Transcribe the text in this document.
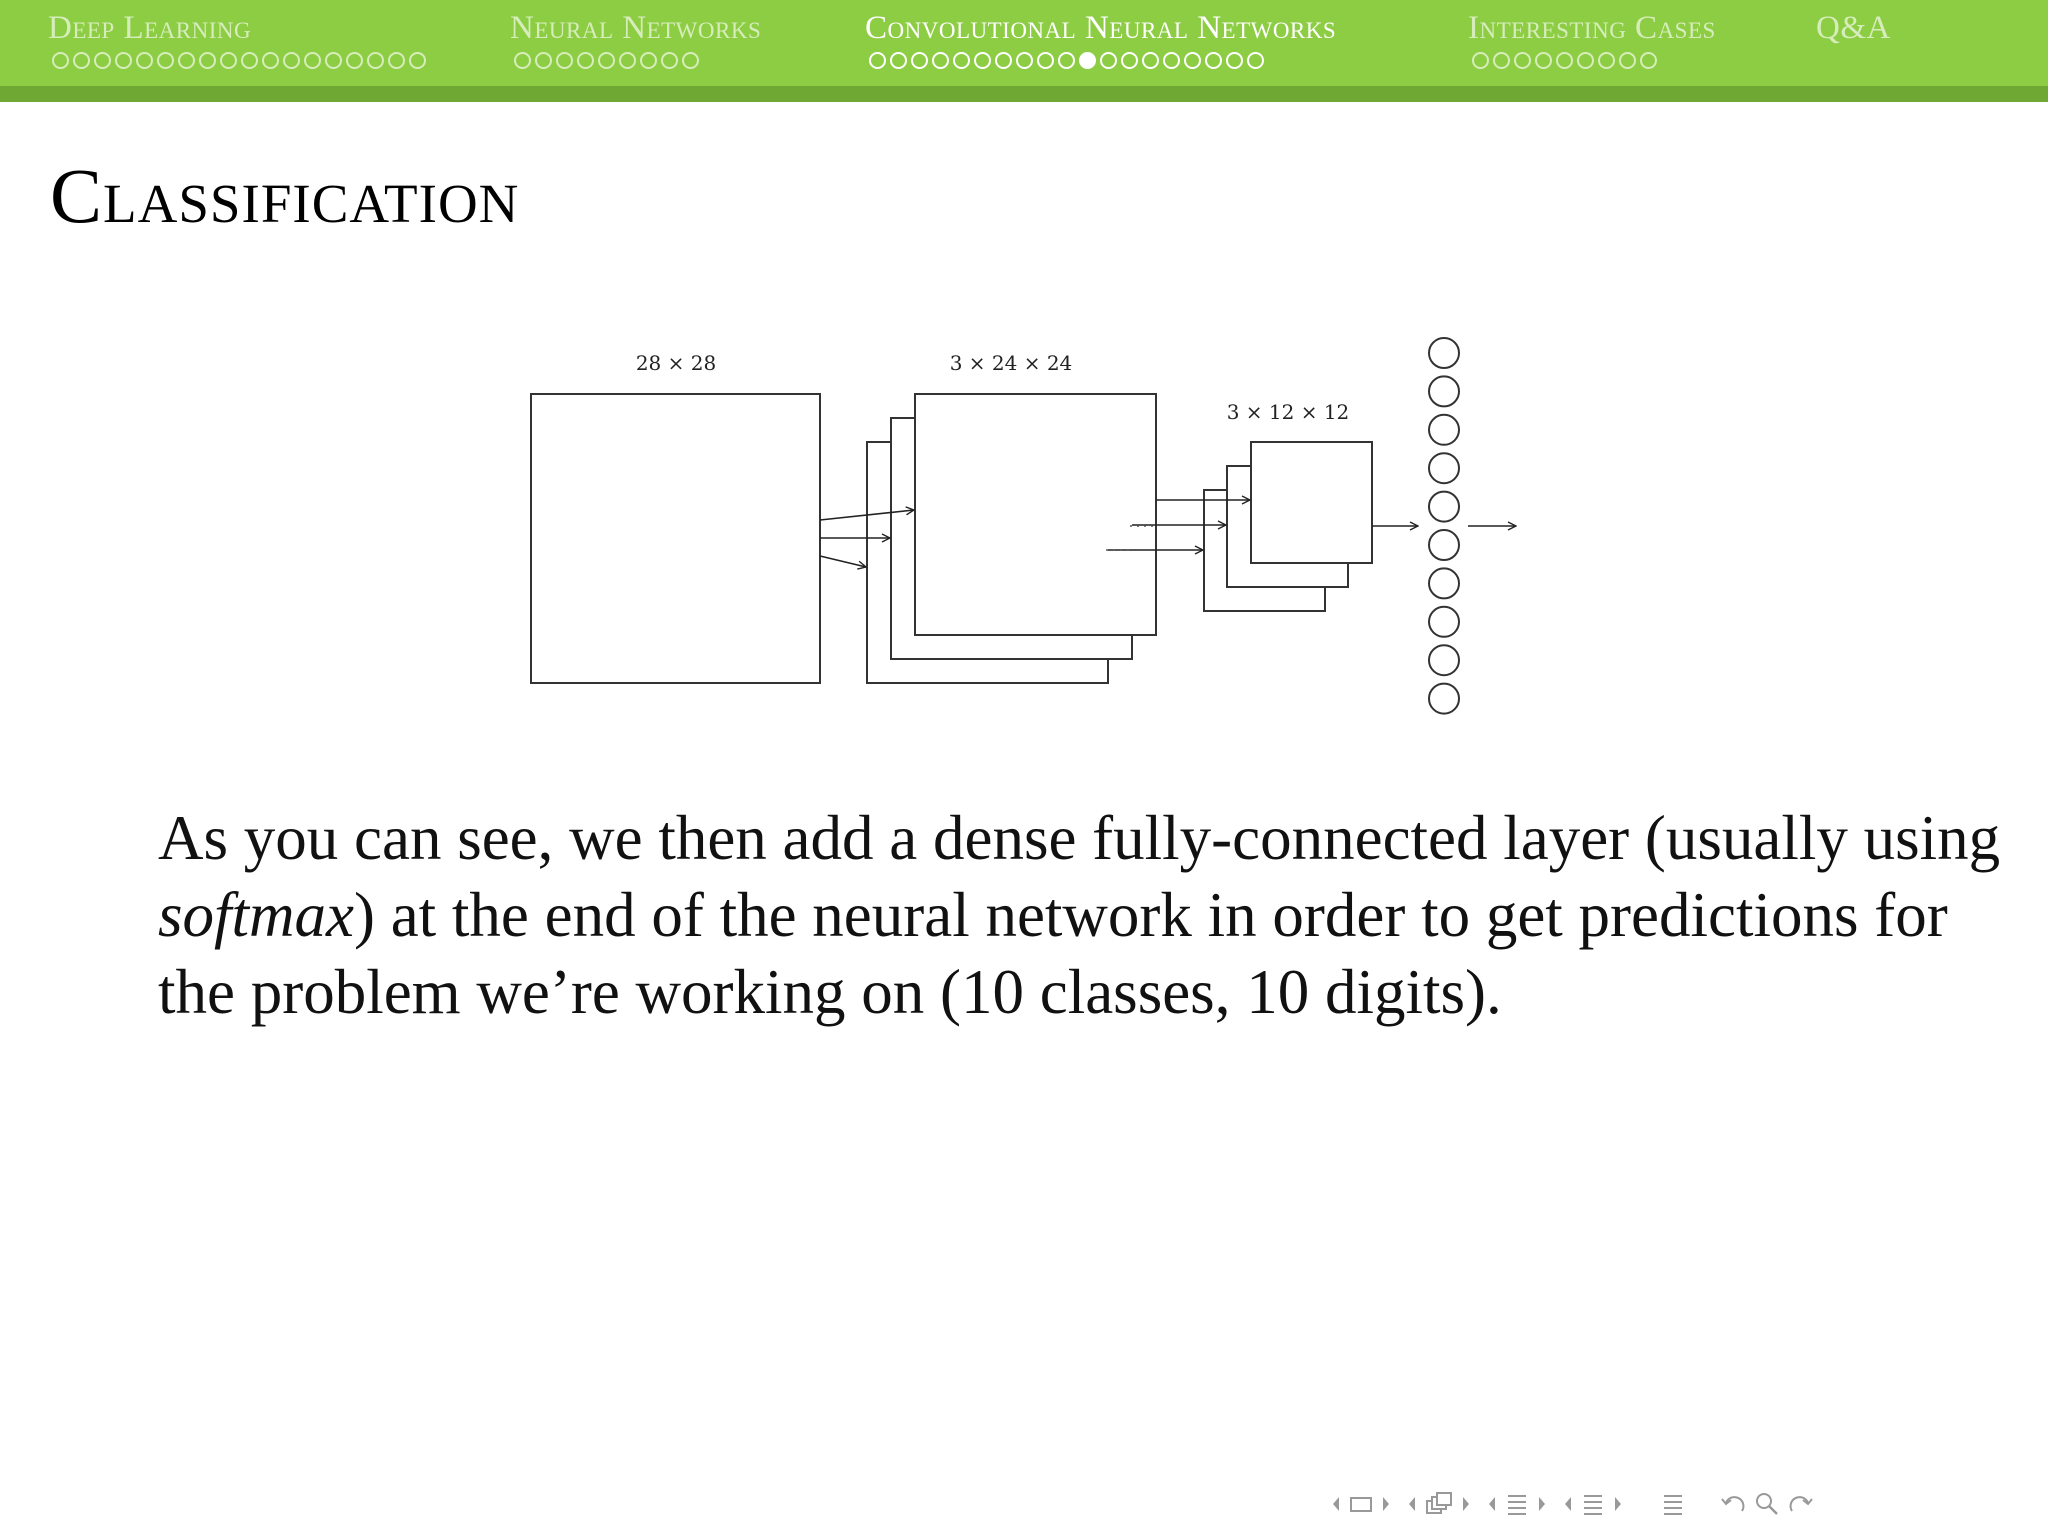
Deep Learning	Neural Networks	Convolutional Neural Networks	Interesting Cases	Q&A
Classification
28 × 28	3 × 24 × 24
3 × 12 × 12

As you can see, we then add a dense fully-connected layer (usually using softmax) at the end of the neural network in order to get predictions for the problem we’re working on (10 classes, 10 digits).
